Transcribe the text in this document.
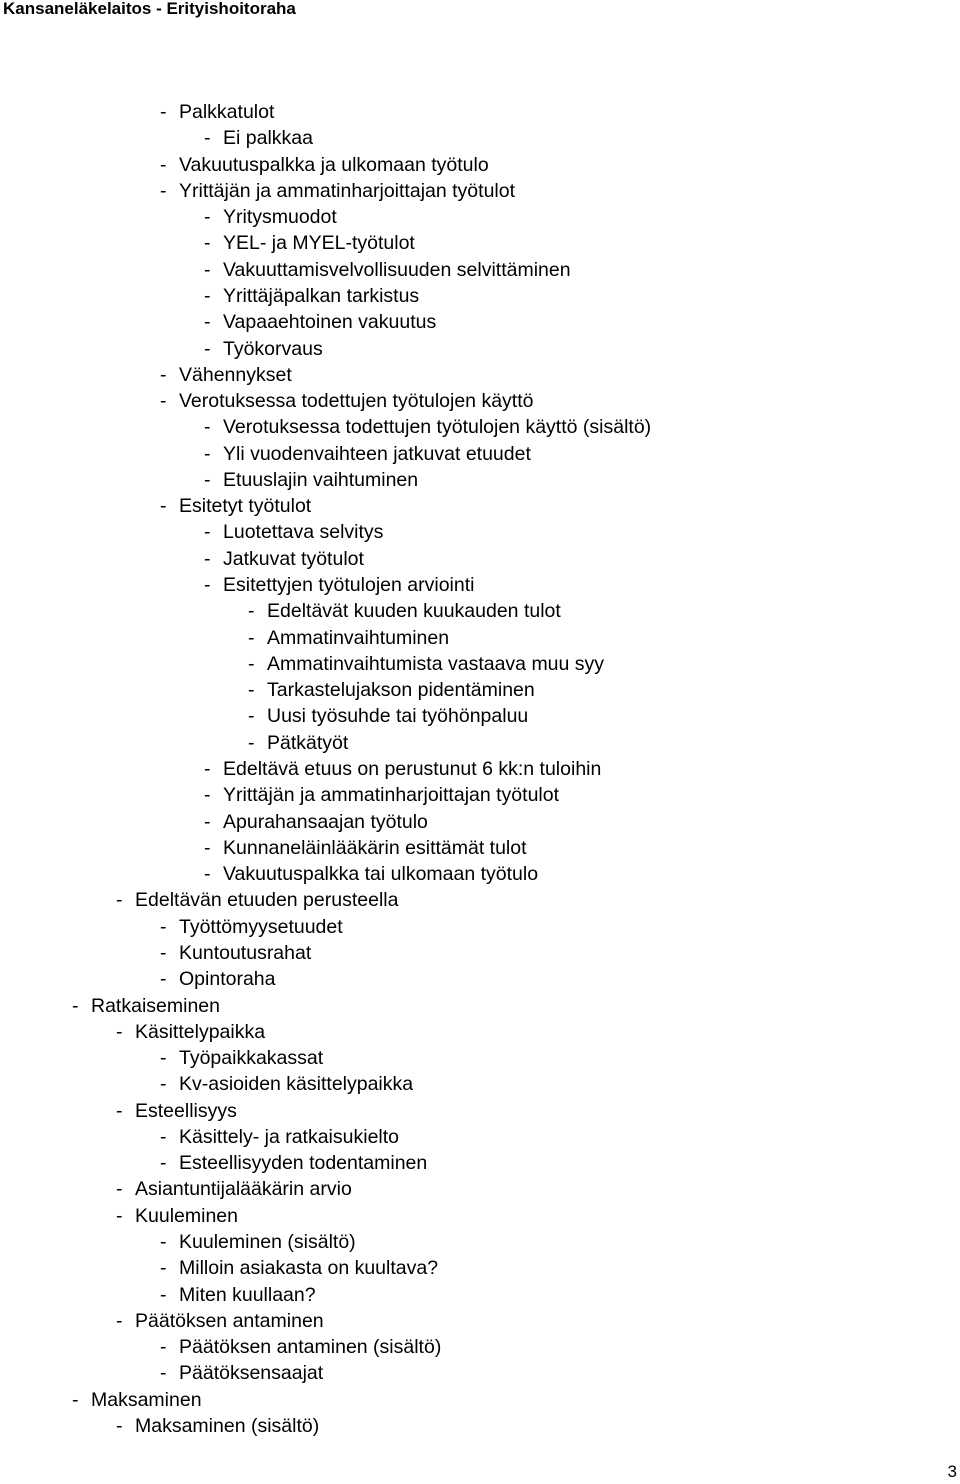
Kansaneläkelaitos - Erityishoitoraha
- Palkkatulot
- Ei palkkaa
- Vakuutuspalkka ja ulkomaan työtulo
- Yrittäjän ja ammatinharjoittajan työtulot
- Yritysmuodot
- YEL- ja MYEL-työtulot
- Vakuuttamisvelvollisuuden selvittäminen
- Yrittäjäpalkan tarkistus
- Vapaaehtoinen vakuutus
- Työkorvaus
- Vähennykset
- Verotuksessa todettujen työtulojen käyttö
- Verotuksessa todettujen työtulojen käyttö (sisältö)
- Yli vuodenvaihteen jatkuvat etuudet
- Etuuslajin vaihtuminen
- Esitetyt työtulot
- Luotettava selvitys
- Jatkuvat työtulot
- Esitettyjen työtulojen arviointi
- Edeltävät kuuden kuukauden tulot
- Ammatinvaihtuminen
- Ammatinvaihtumista vastaava muu syy
- Tarkastelujakson pidentäminen
- Uusi työsuhde tai työhönpaluu
- Pätkätyöt
- Edeltävä etuus on perustunut 6 kk:n tuloihin
- Yrittäjän ja ammatinharjoittajan työtulot
- Apurahansaajan työtulo
- Kunnaneläinlääkärin esittämät tulot
- Vakuutuspalkka tai ulkomaan työtulo
- Edeltävän etuuden perusteella
- Työttömyysetuudet
- Kuntoutusrahat
- Opintoraha
- Ratkaiseminen
- Käsittelypaikka
- Työpaikkakassat
- Kv-asioiden käsittelypaikka
- Esteellisyys
- Käsittely- ja ratkaisukielto
- Esteellisyyden todentaminen
- Asiantuntijalääkärin arvio
- Kuuleminen
- Kuuleminen (sisältö)
- Milloin asiakasta on kuultava?
- Miten kuullaan?
- Päätöksen antaminen
- Päätöksen antaminen (sisältö)
- Päätöksensaajat
- Maksaminen
- Maksaminen (sisältö)
3
